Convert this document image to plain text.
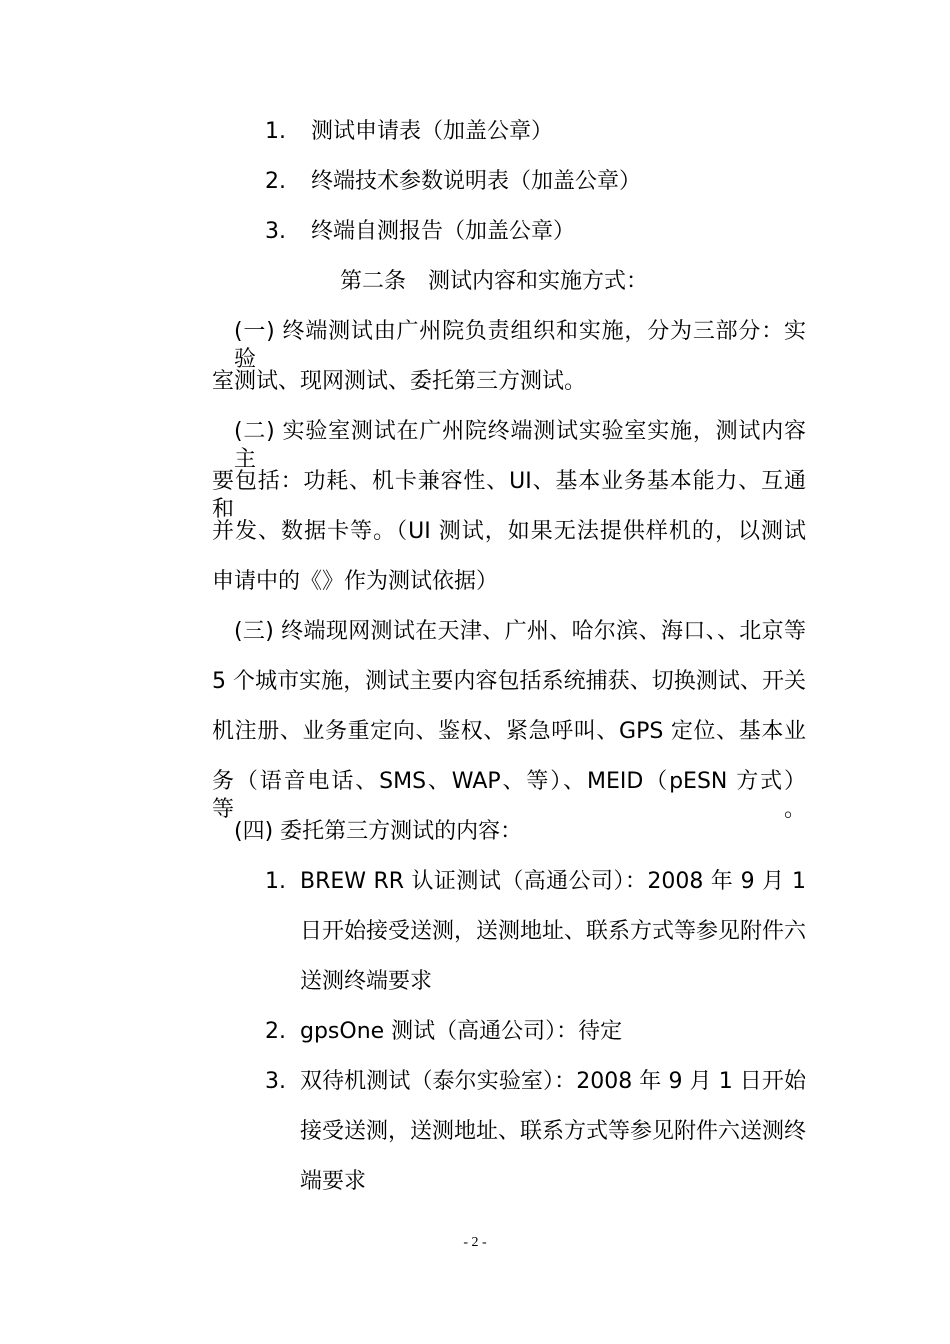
1. 测试申请表（加盖公章）
2. 终端技术参数说明表（加盖公章）
3. 终端自测报告（加盖公章）
第二条　测试内容和实施方式：
(一) 终端测试由广州院负责组织和实施，分为三部分：实验
室测试、现网测试、委托第三方测试。
(二) 实验室测试在广州院终端测试实验室实施，测试内容主
要包括：功耗、机卡兼容性、UI、基本业务基本能力、互通和
并发、数据卡等。（UI 测试，如果无法提供样机的，以测试
申请中的《》作为测试依据）
(三) 终端现网测试在天津、广州、哈尔滨、海口、、北京等
5 个城市实施，测试主要内容包括系统捕获、切换测试、开关
机注册、业务重定向、鉴权、紧急呼叫、GPS 定位、基本业
务（语音电话、SMS、WAP、等）、MEID（pESN 方式）等。
(四) 委托第三方测试的内容：
1. BREW RR 认证测试（高通公司）：2008 年 9 月 1
日开始接受送测，送测地址、联系方式等参见附件六
送测终端要求
2. gpsOne 测试（高通公司）：待定
3. 双待机测试（泰尔实验室）：2008 年 9 月 1 日开始
接受送测，送测地址、联系方式等参见附件六送测终
端要求
- 2 -
